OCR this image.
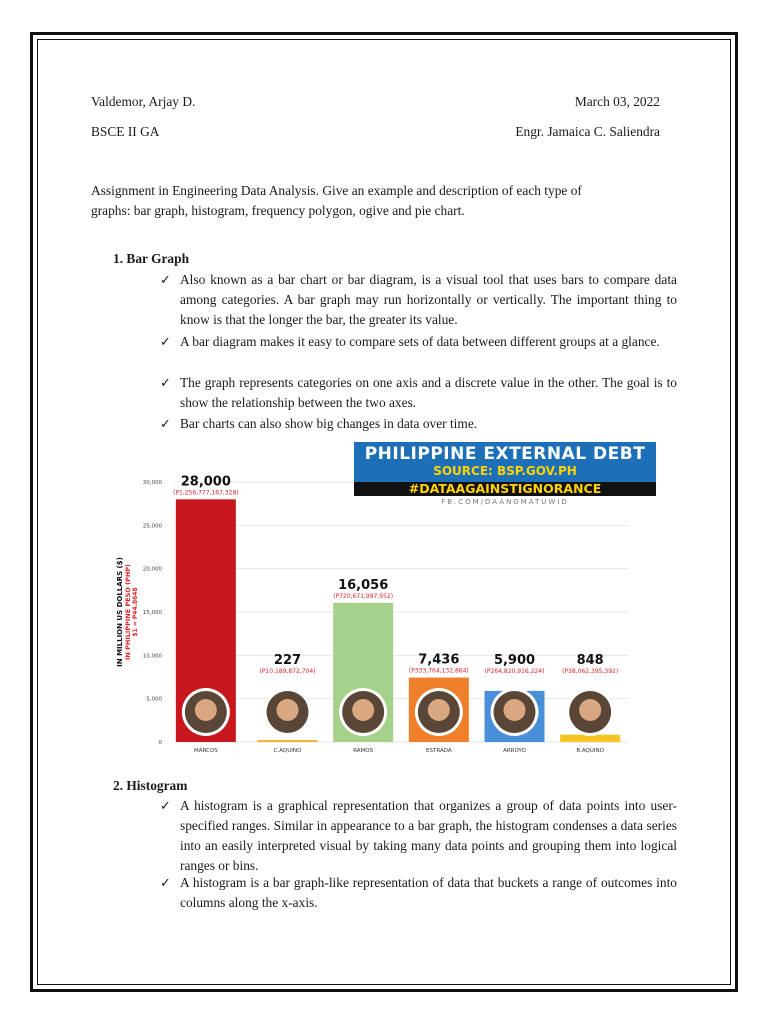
Valdemor, Arjay D.	March 03, 2022
BSCE II GA	Engr. Jamaica C. Saliendra
Assignment in Engineering Data Analysis. Give an example and description of each type of
graphs: bar graph, histogram, frequency polygon, ogive and pie chart.
1. Bar Graph
✓ Also known as a bar chart or bar diagram, is a visual tool that uses bars to compare data among categories. A bar graph may run horizontally or vertically. The important thing to know is that the longer the bar, the greater its value.
✓ A bar diagram makes it easy to compare sets of data between different groups at a glance.
✓ The graph represents categories on one axis and a discrete value in the other. The goal is to show the relationship between the two axes.
✓ Bar charts can also show big changes in data over time.
0
5,000
10,000
15,000
20,000
25,000
30,000
IN MILLION US DOLLARS ($) IN PHILIPPINE PESO (PHP) $1 = P44.8648
28,000
(P1,256,777,167,328)
MARCOS
227
(P10,189,872,704)
C.AQUINO
16,056
(P720,671,997,952)
RAMOS
7,436
(P333,764,132,864)
ESTRADA
5,900
(P264,820,916,224)
ARROYO
848
(P38,062,395,392)
B.AQUINO
PHILIPPINE EXTERNAL DEBT
SOURCE: BSP.GOV.PH
#DATAAGAINSTIGNORANCE
FB.COM/DAANGMATUWID
2. Histogram
✓ A histogram is a graphical representation that organizes a group of data points into user-specified ranges. Similar in appearance to a bar graph, the histogram condenses a data series into an easily interpreted visual by taking many data points and grouping them into logical ranges or bins.
✓ A histogram is a bar graph-like representation of data that buckets a range of outcomes into columns along the x-axis.
